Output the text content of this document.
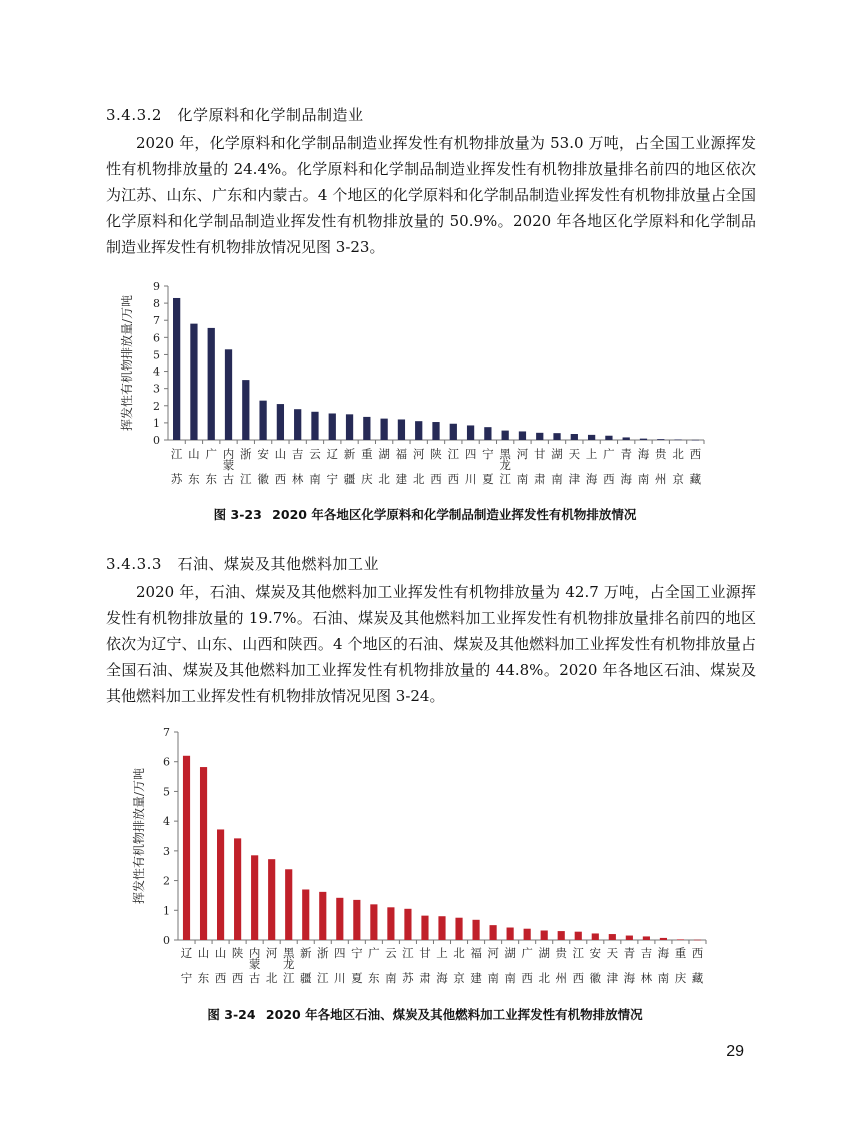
3.4.3.2　化学原料和化学制品制造业

2020 年，化学原料和化学制品制造业挥发性有机物排放量为 53.0 万吨，占全国工业源挥发性有机物排放量的 24.4%。化学原料和化学制品制造业挥发性有机物排放量排名前四的地区依次为江苏、山东、广东和内蒙古。4 个地区的化学原料和化学制品制造业挥发性有机物排放量占全国化学原料和化学制品制造业挥发性有机物排放量的 50.9%。2020 年各地区化学原料和化学制品制造业挥发性有机物排放情况见图 3-23。

0
1
2
3
4
5
6
7
8
9
挥发性有机物排放量/万吨
江苏
山东
广东
内蒙古
浙江
安徽
山西
吉林
云南
辽宁
新疆
重庆
湖北
福建
河北
陕西
江西
四川
宁夏
黑龙江
河南
甘肃
湖南
天津
上海
广西
青海
海南
贵州
北京
西藏
图 3-23 2020 年各地区化学原料和化学制品制造业挥发性有机物排放情况
3.4.3.3　石油、煤炭及其他燃料加工业

2020 年，石油、煤炭及其他燃料加工业挥发性有机物排放量为 42.7 万吨，占全国工业源挥发性有机物排放量的 19.7%。石油、煤炭及其他燃料加工业挥发性有机物排放量排名前四的地区依次为辽宁、山东、山西和陕西。4 个地区的石油、煤炭及其他燃料加工业挥发性有机物排放量占全国石油、煤炭及其他燃料加工业挥发性有机物排放量的 44.8%。2020 年各地区石油、煤炭及其他燃料加工业挥发性有机物排放情况见图 3-24。

0
1
2
3
4
5
6
7
挥发性有机物排放量/万吨
辽宁
山东
山西
陕西
内蒙古
河北
黑龙江
新疆
浙江
四川
宁夏
广东
云南
江苏
甘肃
上海
北京
福建
河南
湖南
广西
湖北
贵州
江西
安徽
天津
青海
吉林
海南
重庆
西藏
图 3-24 2020 年各地区石油、煤炭及其他燃料加工业挥发性有机物排放情况
29
